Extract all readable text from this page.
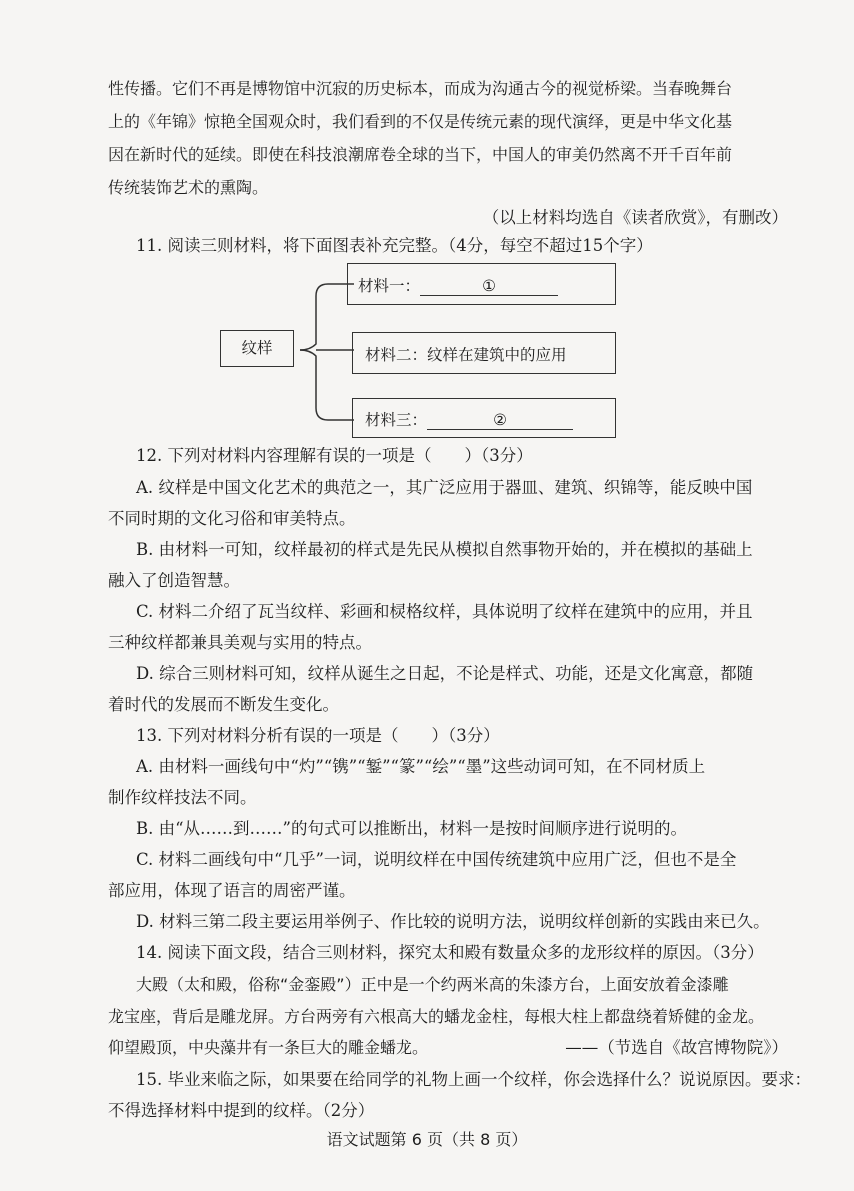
性传播。它们不再是博物馆中沉寂的历史标本，而成为沟通古今的视觉桥梁。当春晚舞台
上的《年锦》惊艳全国观众时，我们看到的不仅是传统元素的现代演绎，更是中华文化基
因在新时代的延续。即使在科技浪潮席卷全球的当下，中国人的审美仍然离不开千百年前
传统装饰艺术的熏陶。
（以上材料均选自《读者欣赏》，有删改）
11. 阅读三则材料，将下面图表补充完整。（4分，每空不超过15个字）
纹样
材料一：	①
材料二：纹样在建筑中的应用
材料三：	②
12. 下列对材料内容理解有误的一项是（　　）（3分）
A. 纹样是中国文化艺术的典范之一，其广泛应用于器皿、建筑、织锦等，能反映中国
不同时期的文化习俗和审美特点。
B. 由材料一可知，纹样最初的样式是先民从模拟自然事物开始的，并在模拟的基础上
融入了创造智慧。
C. 材料二介绍了瓦当纹样、彩画和棂格纹样，具体说明了纹样在建筑中的应用，并且
三种纹样都兼具美观与实用的特点。
D. 综合三则材料可知，纹样从诞生之日起，不论是样式、功能，还是文化寓意，都随
着时代的发展而不断发生变化。
13. 下列对材料分析有误的一项是（　　）（3分）
A. 由材料一画线句中“灼”“镌”“錾”“篆”“绘”“墨”这些动词可知，在不同材质上
制作纹样技法不同。
B. 由“从……到……”的句式可以推断出，材料一是按时间顺序进行说明的。
C. 材料二画线句中“几乎”一词，说明纹样在中国传统建筑中应用广泛，但也不是全
部应用，体现了语言的周密严谨。
D. 材料三第二段主要运用举例子、作比较的说明方法，说明纹样创新的实践由来已久。
14. 阅读下面文段，结合三则材料，探究太和殿有数量众多的龙形纹样的原因。（3分）
大殿（太和殿，俗称“金銮殿”）正中是一个约两米高的朱漆方台，上面安放着金漆雕
龙宝座，背后是雕龙屏。方台两旁有六根高大的蟠龙金柱，每根大柱上都盘绕着矫健的金龙。
仰望殿顶，中央藻井有一条巨大的雕金蟠龙。	——（节选自《故宫博物院》）
15. 毕业来临之际，如果要在给同学的礼物上画一个纹样，你会选择什么？说说原因。要求：
不得选择材料中提到的纹样。（2分）
语文试题第 6 页（共 8 页）
